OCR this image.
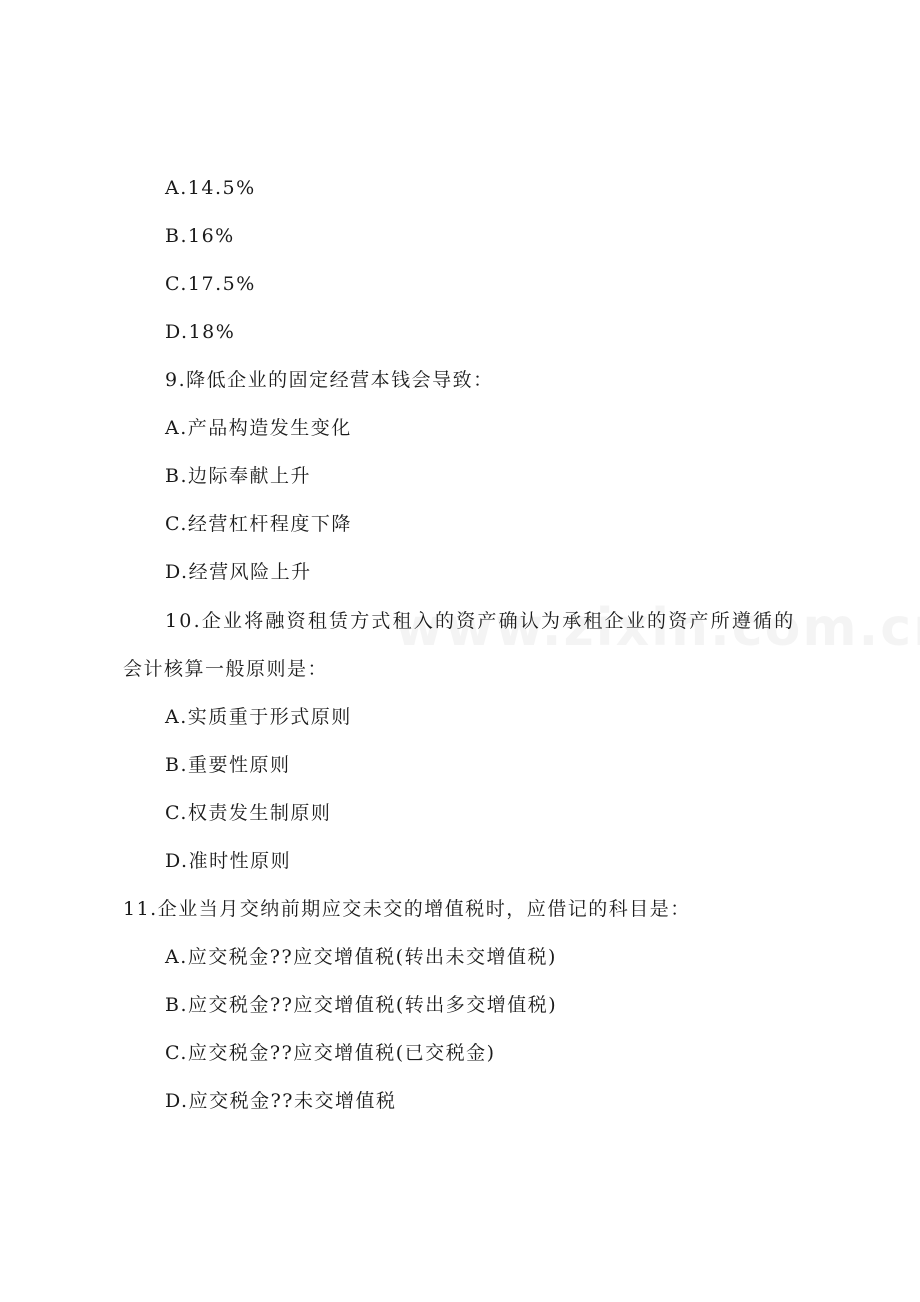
A.14.5%
B.16%
C.17.5%
D.18%
9.降低企业的固定经营本钱会导致：
A.产品构造发生变化
B.边际奉献上升
C.经营杠杆程度下降
D.经营风险上升
10.企业将融资租赁方式租入的资产确认为承租企业的资产所遵循的
会计核算一般原则是：
A.实质重于形式原则
B.重要性原则
C.权责发生制原则
D.准时性原则
11.企业当月交纳前期应交未交的增值税时，应借记的科目是：
A.应交税金??应交增值税(转出未交增值税)
B.应交税金??应交增值税(转出多交增值税)
C.应交税金??应交增值税(已交税金)
D.应交税金??未交增值税
